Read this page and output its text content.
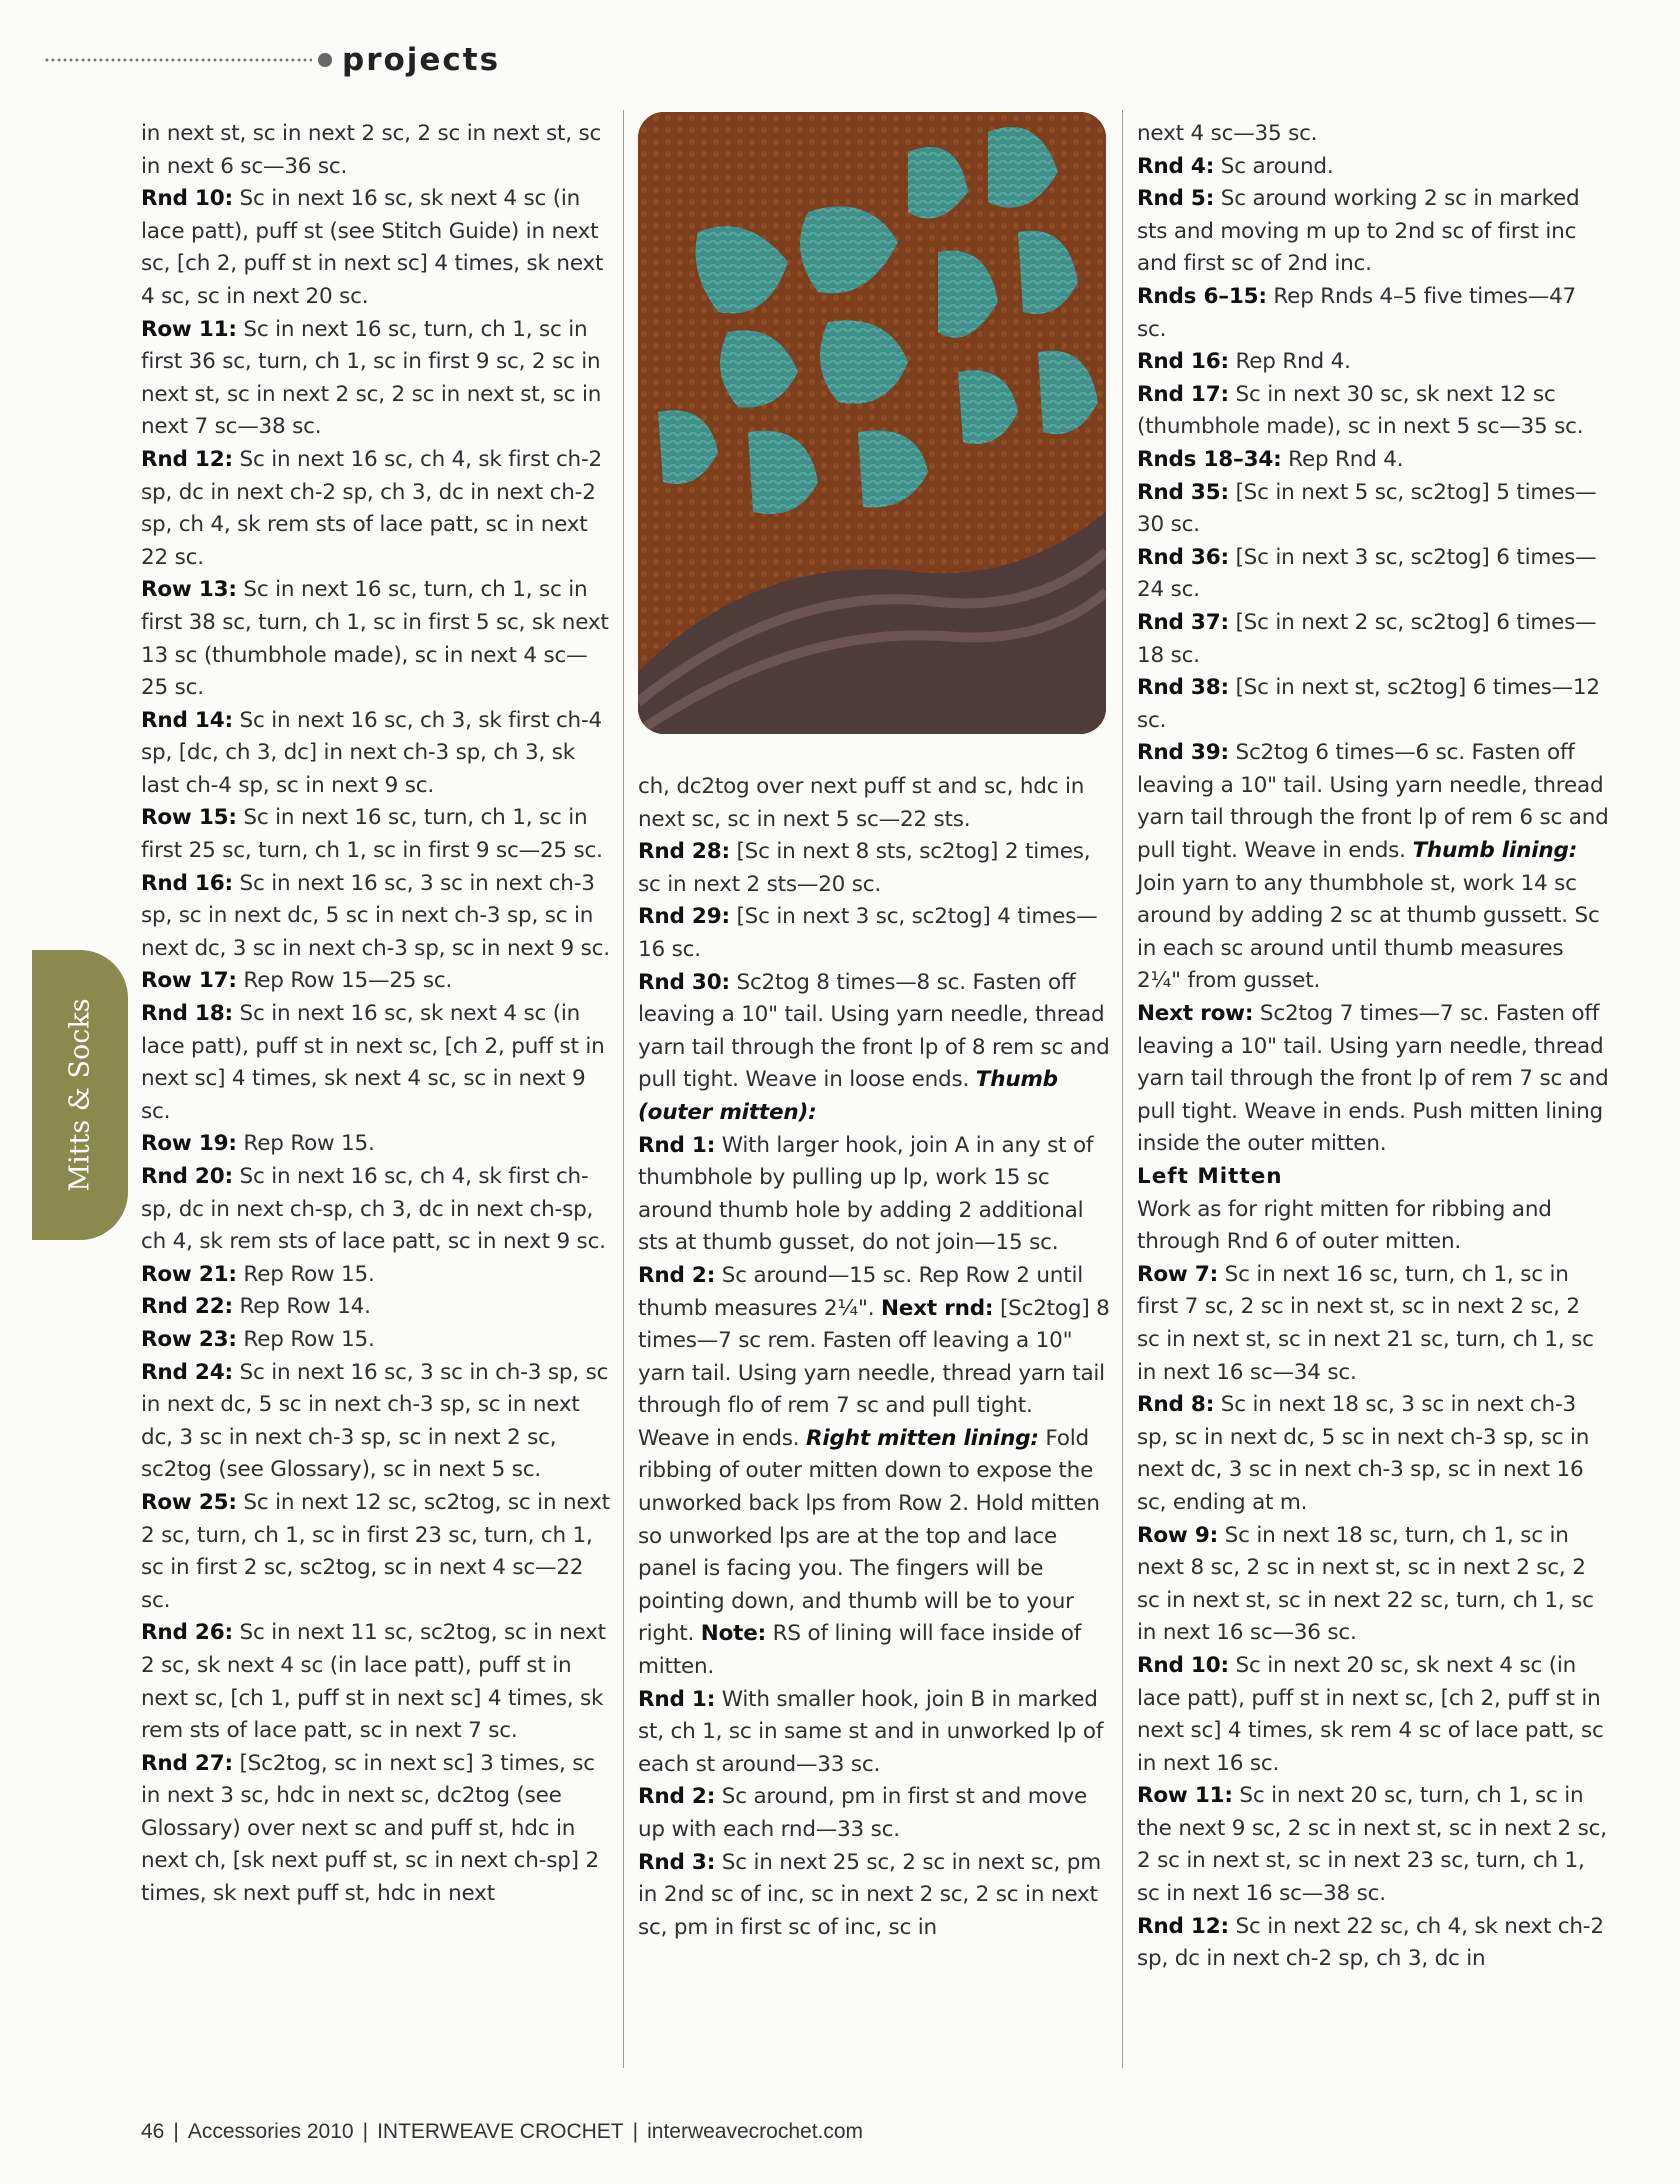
projects
Mitts & Socks

in next st, sc in next 2 sc, 2 sc in next st, sc in next 6 sc—36 sc.

Rnd 10: Sc in next 16 sc, sk next 4 sc (in lace patt), puff st (see Stitch Guide) in next sc, [ch 2, puff st in next sc] 4 times, sk next 4 sc, sc in next 20 sc.

Row 11: Sc in next 16 sc, turn, ch 1, sc in first 36 sc, turn, ch 1, sc in first 9 sc, 2 sc in next st, sc in next 2 sc, 2 sc in next st, sc in next 7 sc—38 sc.

Rnd 12: Sc in next 16 sc, ch 4, sk first ch-2 sp, dc in next ch-2 sp, ch 3, dc in next ch-2 sp, ch 4, sk rem sts of lace patt, sc in next 22 sc.

Row 13: Sc in next 16 sc, turn, ch 1, sc in first 38 sc, turn, ch 1, sc in first 5 sc, sk next 13 sc (thumbhole made), sc in next 4 sc—25 sc.

Rnd 14: Sc in next 16 sc, ch 3, sk first ch-4 sp, [dc, ch 3, dc] in next ch-3 sp, ch 3, sk last ch-4 sp, sc in next 9 sc.

Row 15: Sc in next 16 sc, turn, ch 1, sc in first 25 sc, turn, ch 1, sc in first 9 sc—25 sc.

Rnd 16: Sc in next 16 sc, 3 sc in next ch-3 sp, sc in next dc, 5 sc in next ch-3 sp, sc in next dc, 3 sc in next ch-3 sp, sc in next 9 sc.

Row 17: Rep Row 15—25 sc.

Rnd 18: Sc in next 16 sc, sk next 4 sc (in lace patt), puff st in next sc, [ch 2, puff st in next sc] 4 times, sk next 4 sc, sc in next 9 sc.

Row 19: Rep Row 15.

Rnd 20: Sc in next 16 sc, ch 4, sk first ch-sp, dc in next ch-sp, ch 3, dc in next ch-sp, ch 4, sk rem sts of lace patt, sc in next 9 sc.

Row 21: Rep Row 15.

Rnd 22: Rep Row 14.

Row 23: Rep Row 15.

Rnd 24: Sc in next 16 sc, 3 sc in ch-3 sp, sc in next dc, 5 sc in next ch-3 sp, sc in next dc, 3 sc in next ch-3 sp, sc in next 2 sc, sc2tog (see Glossary), sc in next 5 sc.

Row 25: Sc in next 12 sc, sc2tog, sc in next 2 sc, turn, ch 1, sc in first 23 sc, turn, ch 1, sc in first 2 sc, sc2tog, sc in next 4 sc—22 sc.

Rnd 26: Sc in next 11 sc, sc2tog, sc in next 2 sc, sk next 4 sc (in lace patt), puff st in next sc, [ch 1, puff st in next sc] 4 times, sk rem sts of lace patt, sc in next 7 sc.

Rnd 27: [Sc2tog, sc in next sc] 3 times, sc in next 3 sc, hdc in next sc, dc2tog (see Glossary) over next sc and puff st, hdc in next ch, [sk next puff st, sc in next ch-sp] 2 times, sk next puff st, hdc in next

ch, dc2tog over next puff st and sc, hdc in next sc, sc in next 5 sc—22 sts.

Rnd 28: [Sc in next 8 sts, sc2tog] 2 times, sc in next 2 sts—20 sc.

Rnd 29: [Sc in next 3 sc, sc2tog] 4 times—16 sc.

Rnd 30: Sc2tog 8 times—8 sc. Fasten off leaving a 10" tail. Using yarn needle, thread yarn tail through the front lp of 8 rem sc and pull tight. Weave in loose ends. Thumb (outer mitten):

Rnd 1: With larger hook, join A in any st of thumbhole by pulling up lp, work 15 sc around thumb hole by adding 2 additional sts at thumb gusset, do not join—15 sc.

Rnd 2: Sc around—15 sc. Rep Row 2 until thumb measures 2¼". Next rnd: [Sc2tog] 8 times—7 sc rem. Fasten off leaving a 10" yarn tail. Using yarn needle, thread yarn tail through flo of rem 7 sc and pull tight. Weave in ends. Right mitten lining: Fold ribbing of outer mitten down to expose the unworked back lps from Row 2. Hold mitten so unworked lps are at the top and lace panel is facing you. The fingers will be pointing down, and thumb will be to your right. Note: RS of lining will face inside of mitten.

Rnd 1: With smaller hook, join B in marked st, ch 1, sc in same st and in unworked lp of each st around—33 sc.

Rnd 2: Sc around, pm in first st and move up with each rnd—33 sc.

Rnd 3: Sc in next 25 sc, 2 sc in next sc, pm in 2nd sc of inc, sc in next 2 sc, 2 sc in next sc, pm in first sc of inc, sc in

next 4 sc—35 sc.

Rnd 4: Sc around.

Rnd 5: Sc around working 2 sc in marked sts and moving m up to 2nd sc of first inc and first sc of 2nd inc.

Rnds 6–15: Rep Rnds 4–5 five times—47 sc.

Rnd 16: Rep Rnd 4.

Rnd 17: Sc in next 30 sc, sk next 12 sc (thumbhole made), sc in next 5 sc—35 sc.

Rnds 18–34: Rep Rnd 4.

Rnd 35: [Sc in next 5 sc, sc2tog] 5 times—30 sc.

Rnd 36: [Sc in next 3 sc, sc2tog] 6 times—24 sc.

Rnd 37: [Sc in next 2 sc, sc2tog] 6 times—18 sc.

Rnd 38: [Sc in next st, sc2tog] 6 times—12 sc.

Rnd 39: Sc2tog 6 times—6 sc. Fasten off leaving a 10" tail. Using yarn needle, thread yarn tail through the front lp of rem 6 sc and pull tight. Weave in ends. Thumb lining: Join yarn to any thumbhole st, work 14 sc around by adding 2 sc at thumb gussett. Sc in each sc around until thumb measures 2¼" from gusset.

Next row: Sc2tog 7 times—7 sc. Fasten off leaving a 10" tail. Using yarn needle, thread yarn tail through the front lp of rem 7 sc and pull tight. Weave in ends. Push mitten lining inside the outer mitten.

Left Mitten

Work as for right mitten for ribbing and through Rnd 6 of outer mitten.

Row 7: Sc in next 16 sc, turn, ch 1, sc in first 7 sc, 2 sc in next st, sc in next 2 sc, 2 sc in next st, sc in next 21 sc, turn, ch 1, sc in next 16 sc—34 sc.

Rnd 8: Sc in next 18 sc, 3 sc in next ch-3 sp, sc in next dc, 5 sc in next ch-3 sp, sc in next dc, 3 sc in next ch-3 sp, sc in next 16 sc, ending at m.

Row 9: Sc in next 18 sc, turn, ch 1, sc in next 8 sc, 2 sc in next st, sc in next 2 sc, 2 sc in next st, sc in next 22 sc, turn, ch 1, sc in next 16 sc—36 sc.

Rnd 10: Sc in next 20 sc, sk next 4 sc (in lace patt), puff st in next sc, [ch 2, puff st in next sc] 4 times, sk rem 4 sc of lace patt, sc in next 16 sc.

Row 11: Sc in next 20 sc, turn, ch 1, sc in the next 9 sc, 2 sc in next st, sc in next 2 sc, 2 sc in next st, sc in next 23 sc, turn, ch 1, sc in next 16 sc—38 sc.

Rnd 12: Sc in next 22 sc, ch 4, sk next ch-2 sp, dc in next ch-2 sp, ch 3, dc in

46 | Accessories 2010 | INTERWEAVE CROCHET | interweavecrochet.com
